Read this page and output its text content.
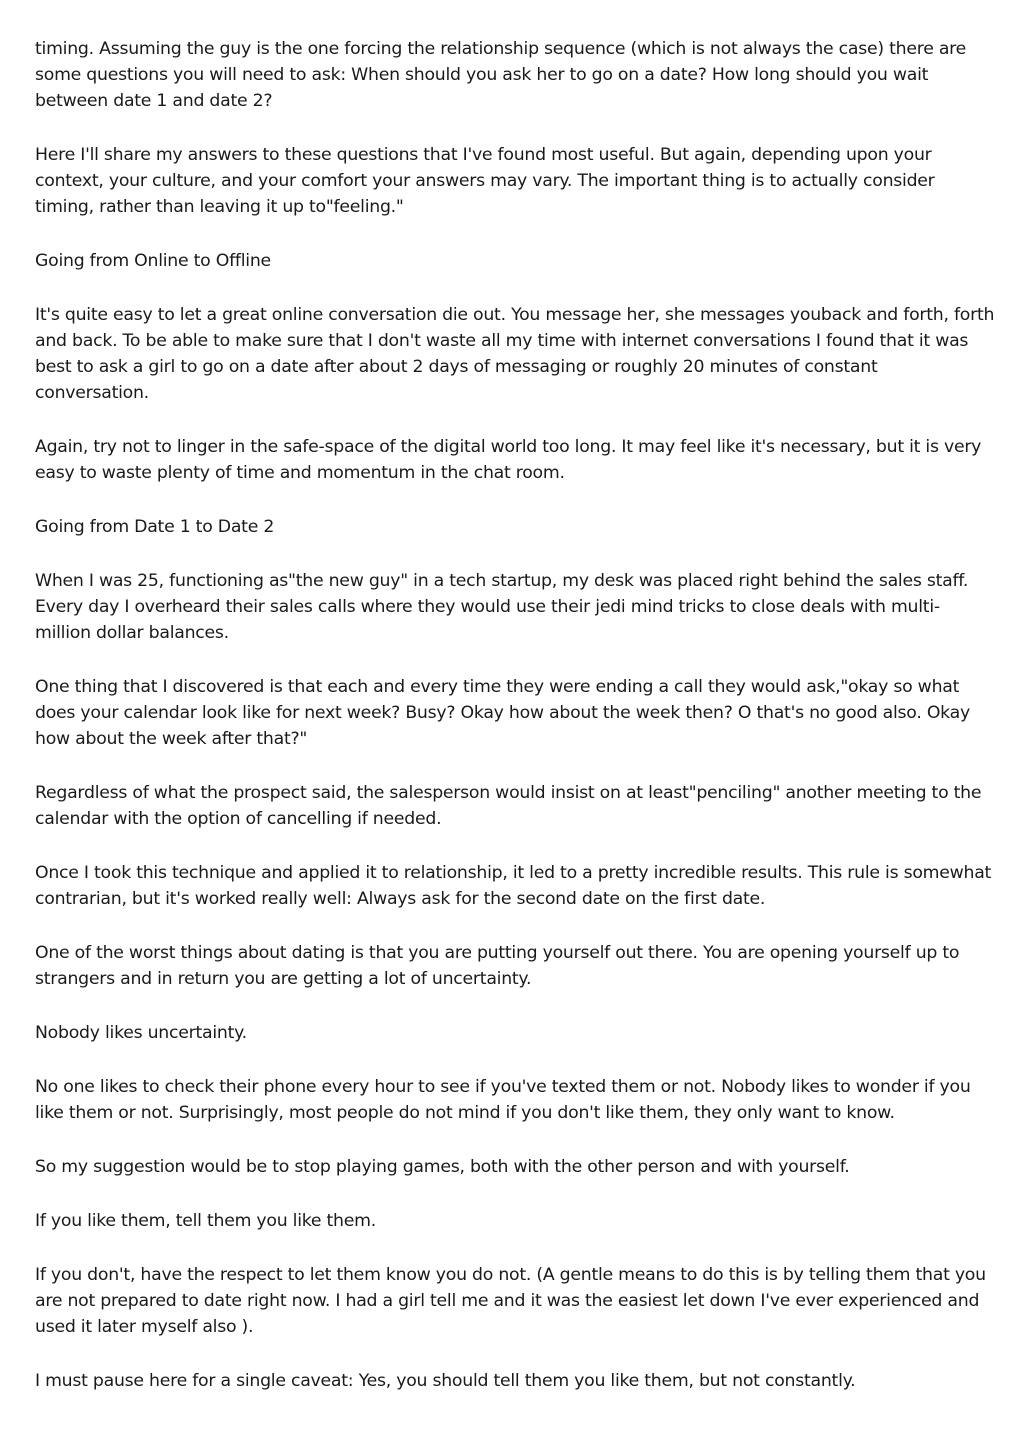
timing. Assuming the guy is the one forcing the relationship sequence (which is not always the case) there are some questions you will need to ask: When should you ask her to go on a date? How long should you wait between date 1 and date 2?

Here I'll share my answers to these questions that I've found most useful. But again, depending upon your context, your culture, and your comfort your answers may vary. The important thing is to actually consider timing, rather than leaving it up to"feeling."

Going from Online to Offline

It's quite easy to let a great online conversation die out. You message her, she messages youback and forth, forth and back. To be able to make sure that I don't waste all my time with internet conversations I found that it was best to ask a girl to go on a date after about 2 days of messaging or roughly 20 minutes of constant conversation.

Again, try not to linger in the safe-space of the digital world too long. It may feel like it's necessary, but it is very easy to waste plenty of time and momentum in the chat room.

Going from Date 1 to Date 2

When I was 25, functioning as"the new guy" in a tech startup, my desk was placed right behind the sales staff. Every day I overheard their sales calls where they would use their jedi mind tricks to close deals with multi-million dollar balances.

One thing that I discovered is that each and every time they were ending a call they would ask,"okay so what does your calendar look like for next week? Busy? Okay how about the week then? O that's no good also. Okay how about the week after that?"

Regardless of what the prospect said, the salesperson would insist on at least"penciling" another meeting to the calendar with the option of cancelling if needed.

Once I took this technique and applied it to relationship, it led to a pretty incredible results. This rule is somewhat contrarian, but it's worked really well: Always ask for the second date on the first date.

One of the worst things about dating is that you are putting yourself out there. You are opening yourself up to strangers and in return you are getting a lot of uncertainty.

Nobody likes uncertainty.

No one likes to check their phone every hour to see if you've texted them or not. Nobody likes to wonder if you like them or not. Surprisingly, most people do not mind if you don't like them, they only want to know.

So my suggestion would be to stop playing games, both with the other person and with yourself.

If you like them, tell them you like them.

If you don't, have the respect to let them know you do not. (A gentle means to do this is by telling them that you are not prepared to date right now. I had a girl tell me and it was the easiest let down I've ever experienced and used it later myself also ).

I must pause here for a single caveat: Yes, you should tell them you like them, but not constantly.
